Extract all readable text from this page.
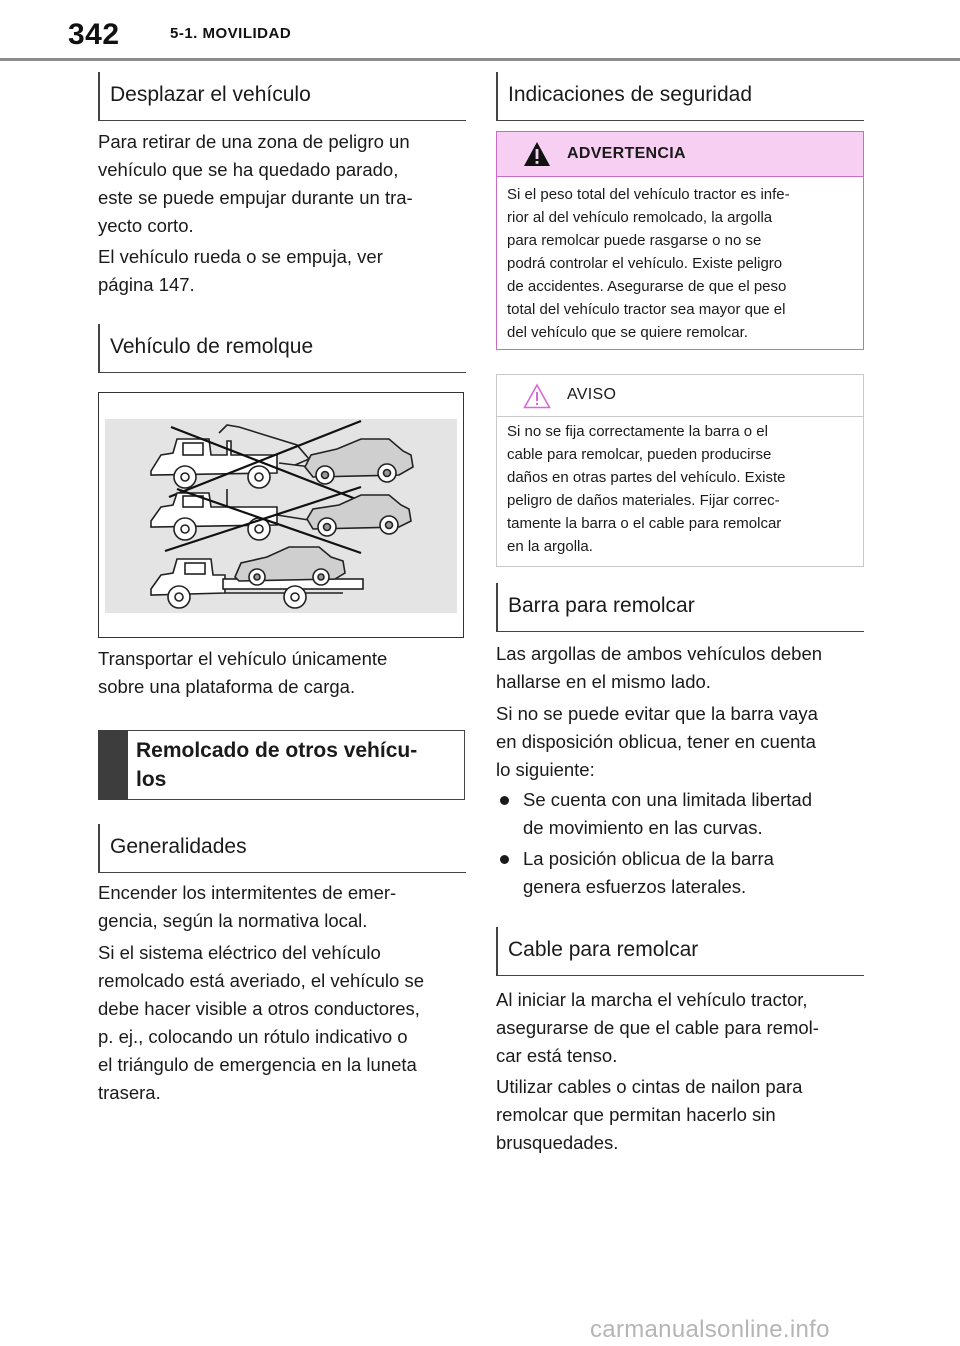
342	5-1. MOVILIDAD
Desplazar el vehículo
Para retirar de una zona de peligro un
vehículo que se ha quedado parado,
este se puede empujar durante un tra-
yecto corto.
El vehículo rueda o se empuja, ver
página 147.
Vehículo de remolque
Transportar el vehículo únicamente
sobre una plataforma de carga.
Remolcado de otros vehícu-
los
Generalidades
Encender los intermitentes de emer-
gencia, según la normativa local.
Si el sistema eléctrico del vehículo
remolcado está averiado, el vehículo se
debe hacer visible a otros conductores,
p. ej., colocando un rótulo indicativo o
el triángulo de emergencia en la luneta
trasera.
Indicaciones de seguridad
ADVERTENCIA
Si el peso total del vehículo tractor es infe-
rior al del vehículo remolcado, la argolla
para remolcar puede rasgarse o no se
podrá controlar el vehículo. Existe peligro
de accidentes. Asegurarse de que el peso
total del vehículo tractor sea mayor que el
del vehículo que se quiere remolcar.
AVISO
Si no se fija correctamente la barra o el
cable para remolcar, pueden producirse
daños en otras partes del vehículo. Existe
peligro de daños materiales. Fijar correc-
tamente la barra o el cable para remolcar
en la argolla.
Barra para remolcar
Las argollas de ambos vehículos deben
hallarse en el mismo lado.
Si no se puede evitar que la barra vaya
en disposición oblicua, tener en cuenta
lo siguiente:
Se cuenta con una limitada libertad
de movimiento en las curvas.
La posición oblicua de la barra
genera esfuerzos laterales.
Cable para remolcar
Al iniciar la marcha el vehículo tractor,
asegurarse de que el cable para remol-
car está tenso.
Utilizar cables o cintas de nailon para
remolcar que permitan hacerlo sin
brusquedades.
carmanualsonline.info
